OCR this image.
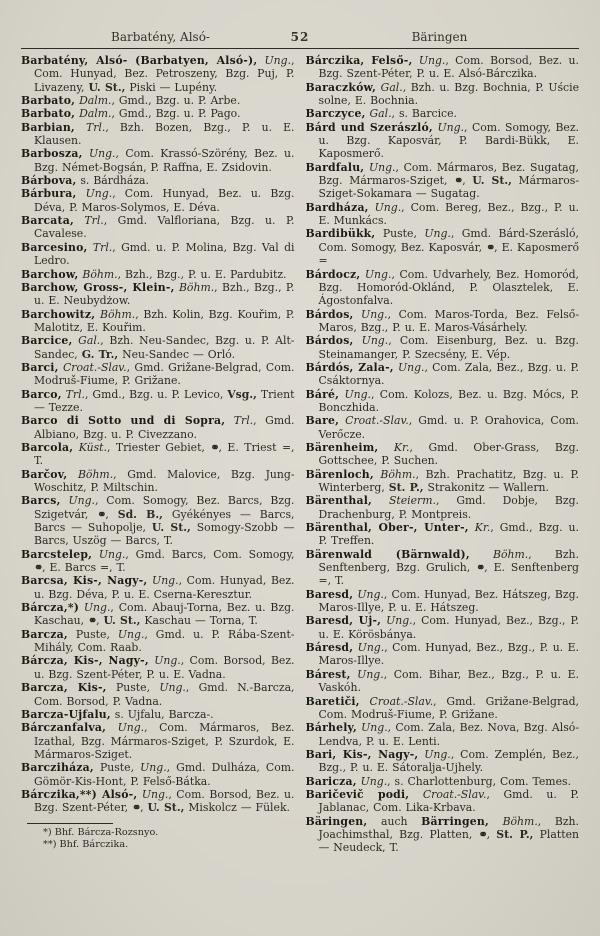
Barbatény, Alsó-	52	Bäringen

Barbatény, Alsó- (Barbatyen, Alsó-), Ung., Com. Hunyad, Bez. Petroszeny, Bzg. Puj, P. Livazeny, U. St., Piski — Lupény.

Barbato, Dalm., Gmd., Bzg. u. P. Arbe.

Barbato, Dalm., Gmd., Bzg. u. P. Pago.

Barbian, Trl., Bzh. Bozen, Bzg., P. u. E. Klausen.

Barbosza, Ung., Com. Krassó-Szörény, Bez. u. Bzg. Német-Bogsán, P. Raffna, E. Zsidovin.

Bárbova, s. Bárdháza.

Bárbura, Ung., Com. Hunyad, Bez. u. Bzg. Déva, P. Maros-Solymos, E. Déva.

Barcata, Trl., Gmd. Valfloriana, Bzg. u. P. Cavalese.

Barcesino, Trl., Gmd. u. P. Molina, Bzg. Val di Ledro.

Barchow, Böhm., Bzh., Bzg., P. u. E. Pardubitz.

Barchow, Gross-, Klein-, Böhm., Bzh., Bzg., P. u. E. Neubydżow.

Barchowitz, Böhm., Bzh. Kolin, Bzg. Kouřim, P. Malotitz, E. Kouřim.

Barcice, Gal., Bzh. Neu-Sandec, Bzg. u. P. Alt-Sandec, G. Tr., Neu-Sandec — Orló.

Barci, Croat.-Slav., Gmd. Grižane-Belgrad, Com. Modruš-Fiume, P. Grižane.

Barco, Trl., Gmd., Bzg. u. P. Levico, Vsg., Trient — Tezze.

Barco di Sotto und di Sopra, Trl., Gmd. Albiano, Bzg. u. P. Civezzano.

Barcola, Küst., Triester Gebiet, ⚭, E. Triest =, T.

Barčov, Böhm., Gmd. Malovice, Bzg. Jung-Woschitz, P. Miltschin.

Barcs, Ung., Com. Somogy, Bez. Barcs, Bzg. Szigetvár, ⚭, Sd. B., Gyékényes — Barcs, Barcs — Suhopolje, U. St., Somogy-Szobb — Barcs, Uszög — Barcs, T.

Barcstelep, Ung., Gmd. Barcs, Com. Somogy, ⚭, E. Barcs =, T.

Barcsa, Kis-, Nagy-, Ung., Com. Hunyad, Bez. u. Bzg. Déva, P. u. E. Cserna-Keresztur.

Bárcza,*) Ung., Com. Abauj-Torna, Bez. u. Bzg. Kaschau, ⚭, U. St., Kaschau — Torna, T.

Barcza, Puste, Ung., Gmd. u. P. Rába-Szent-Mihály, Com. Raab.

Bárcza, Kis-, Nagy-, Ung., Com. Borsod, Bez. u. Bzg. Szent-Péter, P. u. E. Vadna.

Barcza, Kis-, Puste, Ung., Gmd. N.-Barcza, Com. Borsod, P. Vadna.

Barcza-Ujfalu, s. Ujfalu, Barcza-.

Bárczanfalva, Ung., Com. Mármaros, Bez. Izathal, Bzg. Mármaros-Sziget, P. Szurdok, E. Mármaros-Sziget.

Barcziháza, Puste, Ung., Gmd. Dulháza, Com. Gömör-Kis-Hont, P. Felső-Bátka.

Bárczika,**) Alsó-, Ung., Com. Borsod, Bez. u. Bzg. Szent-Péter, ⚭, U. St., Miskolcz — Fülek.

*) Bhf. Bárcza-Rozsnyo.

**) Bhf. Bárczika.

Bárczika, Felső-, Ung., Com. Borsod, Bez. u. Bzg. Szent-Péter, P. u. E. Alsó-Bárczika.

Baraczków, Gal., Bzh. u. Bzg. Bochnia, P. Uście solne, E. Bochnia.

Barczyce, Gal., s. Barcice.

Bárd und Szerászló, Ung., Com. Somogy, Bez. u. Bzg. Kaposvár, P. Bardi-Bükk, E. Kaposmerő.

Bardfalu, Ung., Com. Mármaros, Bez. Sugatag, Bzg. Mármaros-Sziget, ⚭, U. St., Mármaros-Sziget-Sokamara — Sugatag.

Bardháza, Ung., Com. Bereg, Bez., Bzg., P. u. E. Munkács.

Bardibükk, Puste, Ung., Gmd. Bárd-Szerásló, Com. Somogy, Bez. Kaposvár, ⚭, E. Kaposmerő =

Bárdocz, Ung., Com. Udvarhely, Bez. Homoród, Bzg. Homoród-Oklánd, P. Olasztelek, E. Ágostonfalva.

Bárdos, Ung., Com. Maros-Torda, Bez. Felső-Maros, Bzg., P. u. E. Maros-Vásárhely.

Bárdos, Ung., Com. Eisenburg, Bez. u. Bzg. Steinamanger, P. Szecsény, E. Vép.

Bárdós, Zala-, Ung., Com. Zala, Bez., Bzg. u. P. Csáktornya.

Báré, Ung., Com. Kolozs, Bez. u. Bzg. Mócs, P. Bonczhida.

Bare, Croat.-Slav., Gmd. u. P. Orahovica, Com. Verőcze.

Bärenheim, Kr., Gmd. Ober-Grass, Bzg. Gottschee, P. Suchen.

Bärenloch, Böhm., Bzh. Prachatitz, Bzg. u. P. Winterberg, St. P., Strakonitz — Wallern.

Bärenthal, Steierm., Gmd. Dobje, Bzg. Drachenburg, P. Montpreis.

Bärenthal, Ober-, Unter-, Kr., Gmd., Bzg. u. P. Treffen.

Bärenwald (Bärnwald), Böhm., Bzh. Senftenberg, Bzg. Grulich, ⚭, E. Senftenberg =, T.

Baresd, Ung., Com. Hunyad, Bez. Hátszeg, Bzg. Maros-Illye, P. u. E. Hátszeg.

Baresd, Uj-, Ung., Com. Hunyad, Bez., Bzg., P. u. E. Körösbánya.

Báresd, Ung., Com. Hunyad, Bez., Bzg., P. u. E. Maros-Illye.

Bárest, Ung., Com. Bihar, Bez., Bzg., P. u. E. Vaskóh.

Baretiči, Croat.-Slav., Gmd. Grižane-Belgrad, Com. Modruš-Fiume, P. Grižane.

Bárhely, Ung., Com. Zala, Bez. Nova, Bzg. Alsó-Lendva, P. u. E. Lenti.

Bari, Kis-, Nagy-, Ung., Com. Zemplén, Bez., Bzg., P. u. E. Sátoralja-Ujhely.

Baricza, Ung., s. Charlottenburg, Com. Temes.

Baričevič podi, Croat.-Slav., Gmd. u. P. Jablanac, Com. Lika-Krbava.

Bäringen, auch Bärringen, Böhm., Bzh. Joachimsthal, Bzg. Platten, ⚭, St. P., Platten — Neudeck, T.
